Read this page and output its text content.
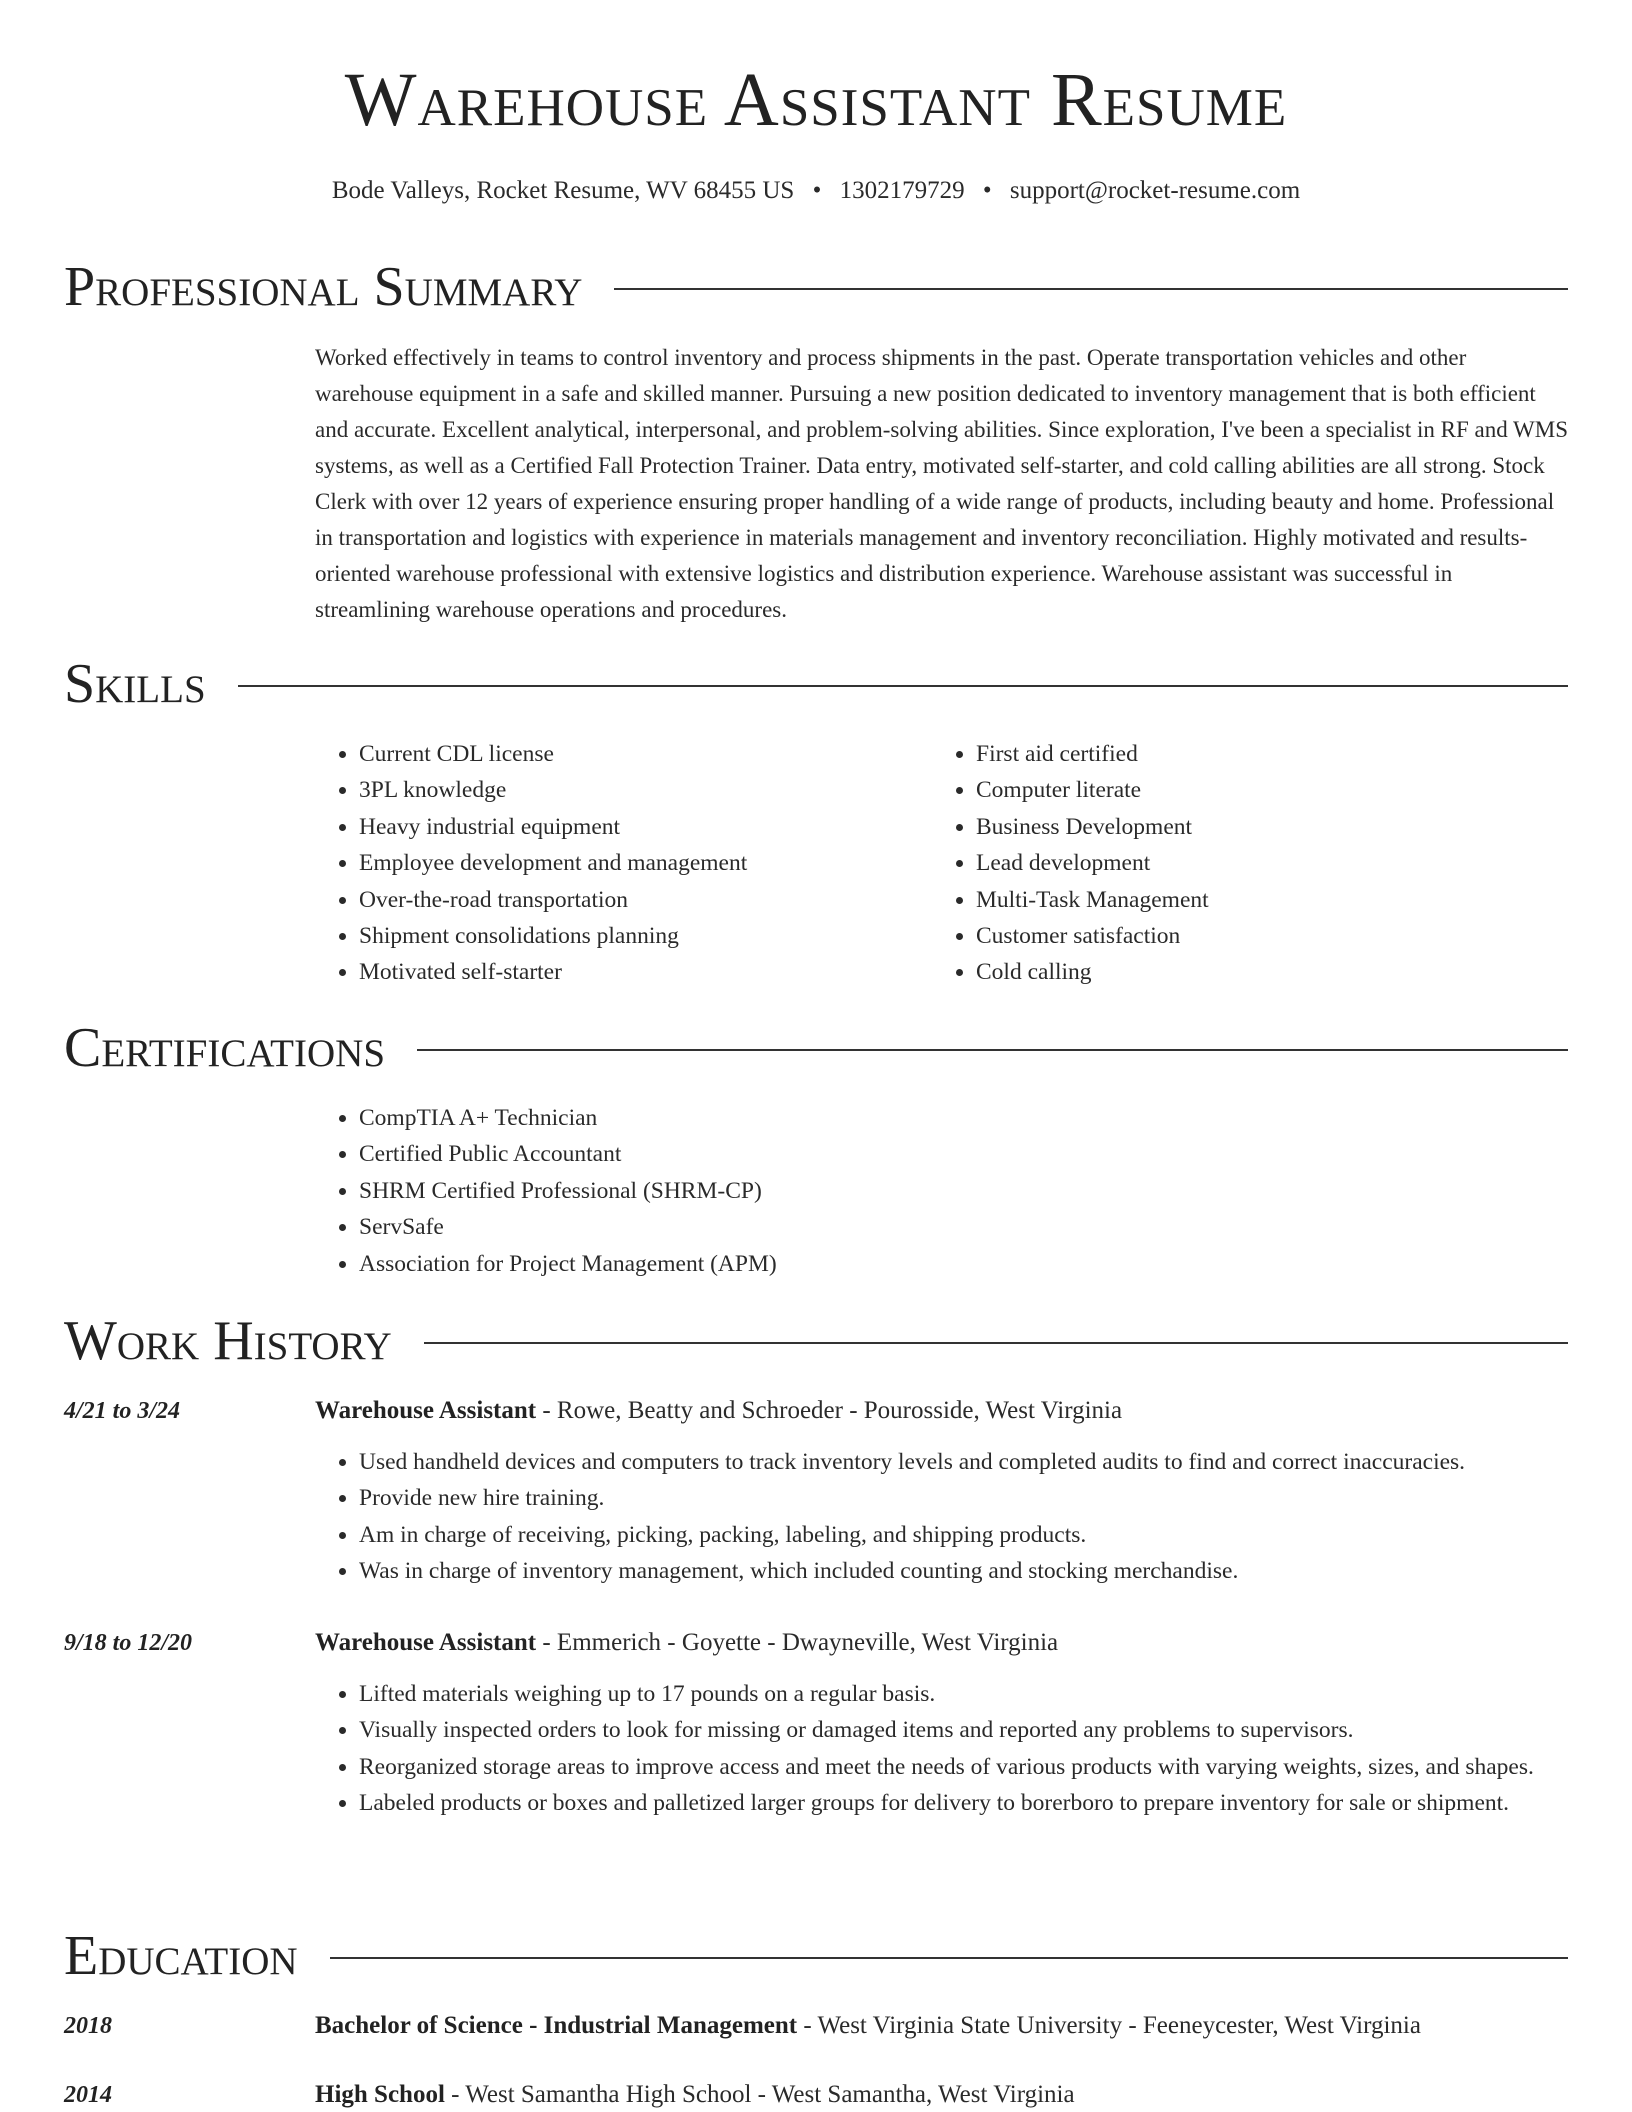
Warehouse Assistant Resume
Bode Valleys, Rocket Resume, WV 68455 US • 1302179729 • support@rocket-resume.com
Professional Summary

Worked effectively in teams to control inventory and process shipments in the past. Operate transportation vehicles and other warehouse equipment in a safe and skilled manner. Pursuing a new position dedicated to inventory management that is both efficient and accurate. Excellent analytical, interpersonal, and problem-solving abilities. Since exploration, I've been a specialist in RF and WMS systems, as well as a Certified Fall Protection Trainer. Data entry, motivated self-starter, and cold calling abilities are all strong. Stock Clerk with over 12 years of experience ensuring proper handling of a wide range of products, including beauty and home. Professional in transportation and logistics with experience in materials management and inventory reconciliation. Highly motivated and results-oriented warehouse professional with extensive logistics and distribution experience. Warehouse assistant was successful in streamlining warehouse operations and procedures.

Skills
• Current CDL license
• 3PL knowledge
• Heavy industrial equipment
• Employee development and management
• Over-the-road transportation
• Shipment consolidations planning
• Motivated self-starter
• First aid certified
• Computer literate
• Business Development
• Lead development
• Multi-Task Management
• Customer satisfaction
• Cold calling
Certifications
• CompTIA A+ Technician
• Certified Public Accountant
• SHRM Certified Professional (SHRM-CP)
• ServSafe
• Association for Project Management (APM)
Work History
4/21 to 3/24	Warehouse Assistant - Rowe, Beatty and Schroeder - Pourosside, West Virginia
• Used handheld devices and computers to track inventory levels and completed audits to find and correct inaccuracies.
• Provide new hire training.
• Am in charge of receiving, picking, packing, labeling, and shipping products.
• Was in charge of inventory management, which included counting and stocking merchandise.
9/18 to 12/20	Warehouse Assistant - Emmerich - Goyette - Dwayneville, West Virginia
• Lifted materials weighing up to 17 pounds on a regular basis.
• Visually inspected orders to look for missing or damaged items and reported any problems to supervisors.
• Reorganized storage areas to improve access and meet the needs of various products with varying weights, sizes, and shapes.
• Labeled products or boxes and palletized larger groups for delivery to borerboro to prepare inventory for sale or shipment.
Education
2018	Bachelor of Science - Industrial Management - West Virginia State University - Feeneycester, West Virginia
2014	High School - West Samantha High School - West Samantha, West Virginia
